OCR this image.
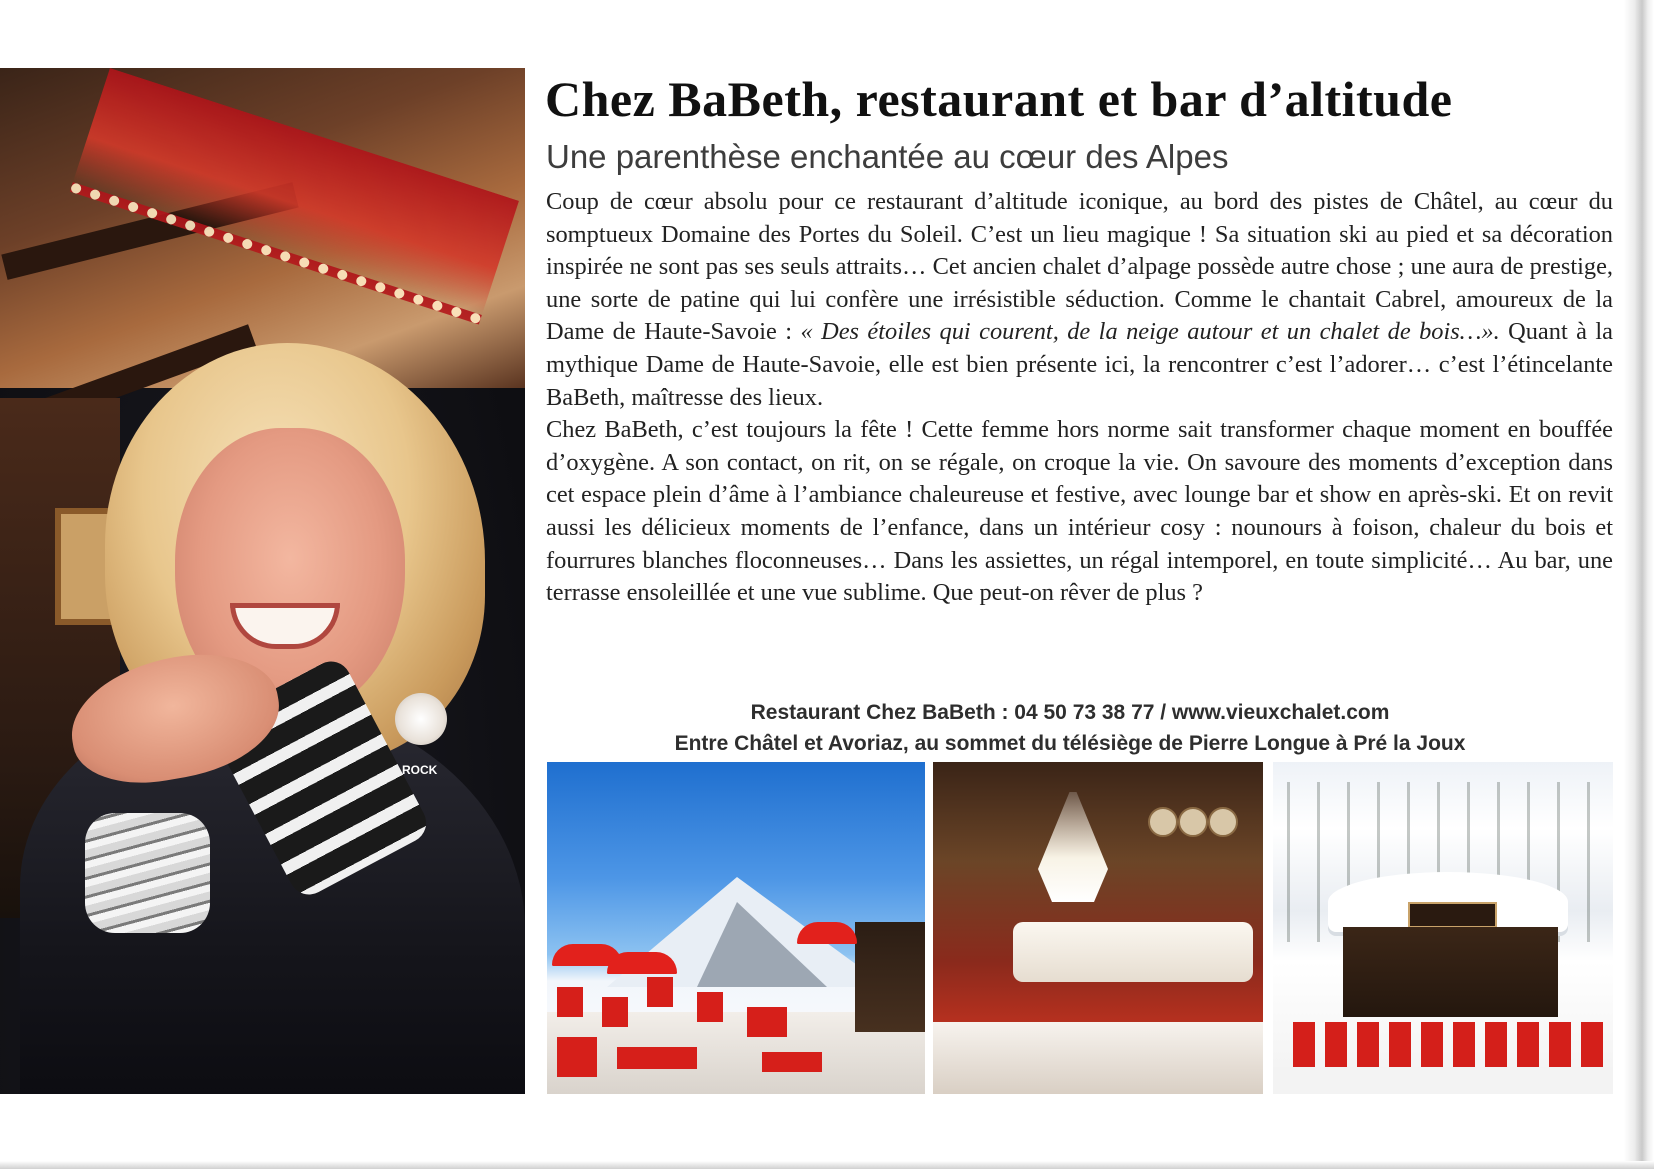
ROCK
Chez BaBeth, restaurant et bar d’altitude
Une parenthèse enchantée au cœur des Alpes

Coup de cœur absolu pour ce restaurant d’altitude iconique, au bord des pistes de Châtel, au cœur du somptueux Domaine des Portes du Soleil. C’est un lieu magique ! Sa situation ski au pied et sa décoration inspirée ne sont pas ses seuls attraits… Cet ancien chalet d’alpage possède autre chose ; une aura de prestige, une sorte de patine qui lui confère une irrésistible séduction. Comme le chantait Cabrel, amoureux de la Dame de Haute-Savoie : « Des étoiles qui courent, de la neige autour et un chalet de bois…». Quant à la mythique Dame de Haute-Savoie, elle est bien présente ici, la rencontrer c’est l’adorer… c’est l’étincelante BaBeth, maîtresse des lieux.

Chez BaBeth, c’est toujours la fête ! Cette femme hors norme sait transformer chaque moment en bouffée d’oxygène. A son contact, on rit, on se régale, on croque la vie. On savoure des moments d’exception dans cet espace plein d’âme à l’ambiance chaleureuse et festive, avec lounge bar et show en après-ski. Et on revit aussi les délicieux moments de l’enfance, dans un intérieur cosy : nounours à foison, chaleur du bois et fourrures blanches floconneuses… Dans les assiettes, un régal intemporel, en toute simplicité… Au bar, une terrasse ensoleillée et une vue sublime. Que peut-on rêver de plus ?

Restaurant Chez BaBeth : 04 50 73 38 77 / www.vieuxchalet.com
Entre Châtel et Avoriaz, au sommet du télésiège de Pierre Longue à Pré la Joux
